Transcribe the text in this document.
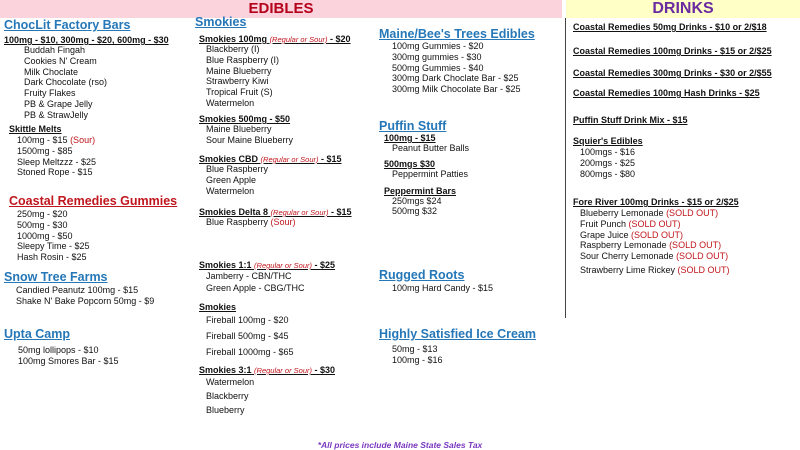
EDIBLES	DRINKS
ChocLit Factory Bars
100mg - $10, 300mg - $20, 600mg - $30
Buddah Fingah
Cookies N' Cream
Milk Choclate
Dark Chocolate (rso)
Fruity Flakes
PB & Grape Jelly
PB & StrawJelly
Skittle Melts
100mg - $15 (Sour)
1500mg - $85
Sleep Meltzzz - $25
Stoned Rope - $15
Coastal Remedies Gummies
250mg - $20
500mg - $30
1000mg - $50
Sleepy Time - $25
Hash Rosin - $25
Snow Tree Farms
Candied Peanutz 100mg - $15
Shake N' Bake Popcorn 50mg - $9
Upta Camp
50mg lollipops - $10
100mg Smores Bar - $15
Smokies
Smokies 100mg (Regular or Sour) - $20
Blackberry (I)
Blue Raspberry (I)
Maine Blueberry
Strawberry Kiwi
Tropical Fruit (S)
Watermelon
Smokies 500mg - $50
Maine Blueberry
Sour Maine Blueberry
Smokies CBD (Regular or Sour) - $15
Blue Raspberry
Green Apple
Watermelon
Smokies Delta 8 (Regular or Sour) - $15
Blue Raspberry (Sour)
Smokies 1:1 (Regular or Sour) - $25
Jamberry - CBN/THC
Green Apple - CBG/THC
Smokies
Fireball 100mg - $20
Fireball 500mg - $45
Fireball 1000mg - $65
Smokies 3:1 (Regular or Sour) - $30
Watermelon
Blackberry
Blueberry
Maine/Bee's Trees Edibles
100mg Gummies - $20
300mg gummies - $30
500mg Gummies - $40
300mg Dark Choclate Bar - $25
300mg Milk Chocolate Bar - $25
Puffin Stuff
100mg - $15
Peanut Butter Balls
500mgs $30
Peppermint Patties
Peppermint Bars
250mgs $24
500mg $32
Rugged Roots
100mg Hard Candy - $15
Highly Satisfied Ice Cream
50mg - $13
100mg - $16
Coastal Remedies 50mg Drinks - $10 or 2/$18
Coastal Remedies 100mg Drinks - $15 or 2/$25
Coastal Remedies 300mg Drinks - $30 or 2/$55
Coastal Remedies 100mg Hash Drinks - $25
Puffin Stuff Drink Mix - $15
Squier's Edibles
100mgs - $16
200mgs - $25
800mgs - $80
Fore River 100mg Drinks - $15 or 2/$25
Blueberry Lemonade (SOLD OUT)
Fruit Punch (SOLD OUT)
Grape Juice (SOLD OUT)
Raspberry Lemonade (SOLD OUT)
Sour Cherry Lemonade (SOLD OUT)
Strawberry Lime Rickey (SOLD OUT)
*All prices include Maine State Sales Tax
